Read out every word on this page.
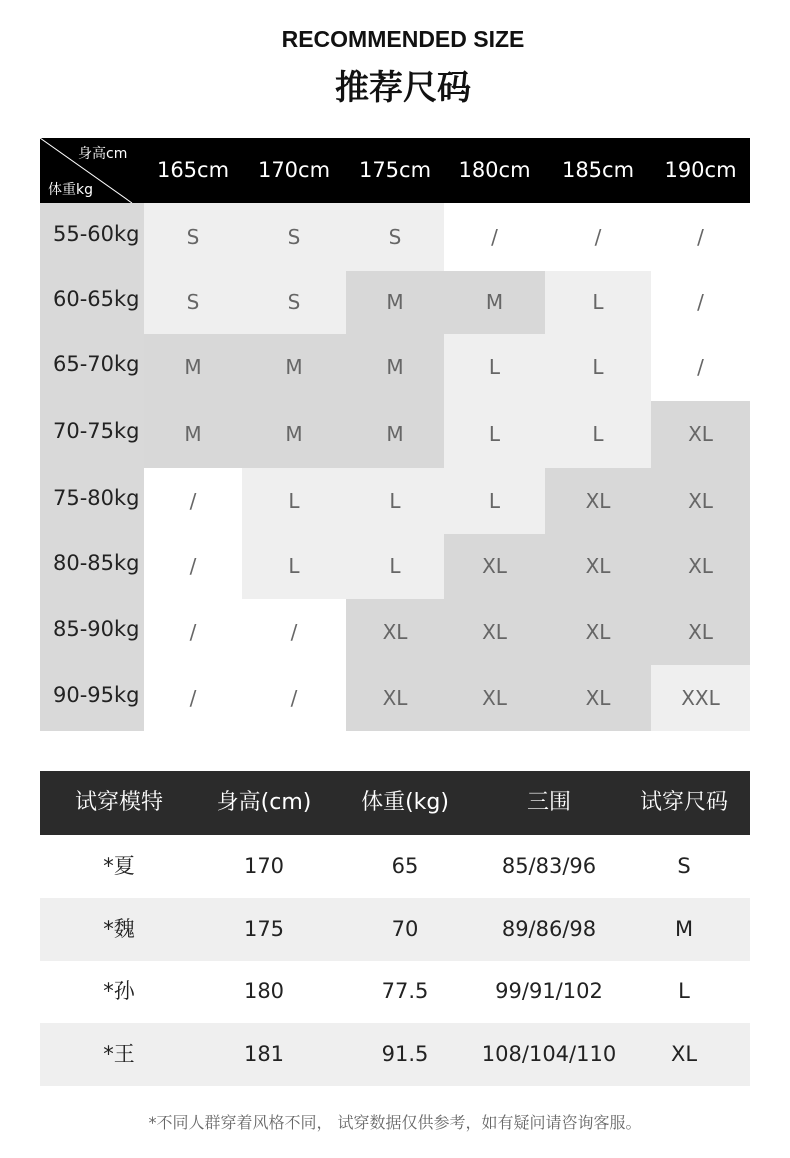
RECOMMENDED SIZE
推荐尺码
身高cm
体重kg
165cm	170cm	175cm	180cm	185cm	190cm
55-60kg	S	S	S	/	/	/
60-65kg	S	S	M	M	L	/
65-70kg	M	M	M	L	L	/
70-75kg	M	M	M	L	L	XL
75-80kg	/	L	L	L	XL	XL
80-85kg	/	L	L	XL	XL	XL
85-90kg	/	/	XL	XL	XL	XL
90-95kg	/	/	XL	XL	XL	XXL
试穿模特	身高(cm)	体重(kg)	三围	试穿尺码
*夏	170	65	85/83/96	S
*魏	175	70	89/86/98	M
*孙	180	77.5	99/91/102	L
*王	181	91.5	108/104/110	XL
*不同人群穿着风格不同， 试穿数据仅供参考，如有疑问请咨询客服。
